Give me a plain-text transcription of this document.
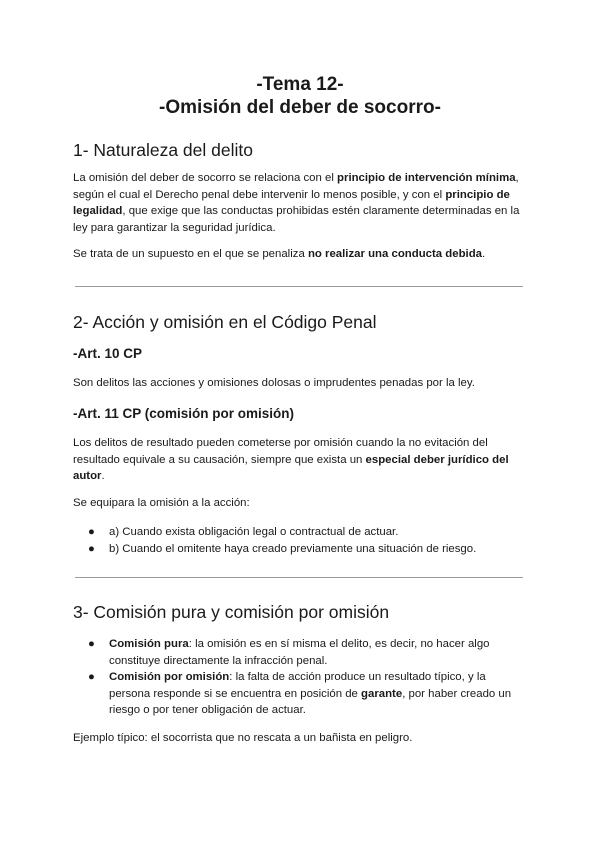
-Tema 12-
-Omisión del deber de socorro-
1- Naturaleza del delito

La omisión del deber de socorro se relaciona con el principio de intervención mínima, según el cual el Derecho penal debe intervenir lo menos posible, y con el principio de legalidad, que exige que las conductas prohibidas estén claramente determinadas en la ley para garantizar la seguridad jurídica.

Se trata de un supuesto en el que se penaliza no realizar una conducta debida.

2- Acción y omisión en el Código Penal
-Art. 10 CP

Son delitos las acciones y omisiones dolosas o imprudentes penadas por la ley.

-Art. 11 CP (comisión por omisión)

Los delitos de resultado pueden cometerse por omisión cuando la no evitación del resultado equivale a su causación, siempre que exista un especial deber jurídico del autor.

Se equipara la omisión a la acción:

● a) Cuando exista obligación legal o contractual de actuar.
● b) Cuando el omitente haya creado previamente una situación de riesgo.
3- Comisión pura y comisión por omisión
● Comisión pura: la omisión es en sí misma el delito, es decir, no hacer algo constituye directamente la infracción penal.
● Comisión por omisión: la falta de acción produce un resultado típico, y la persona responde si se encuentra en posición de garante, por haber creado un riesgo o por tener obligación de actuar.

Ejemplo típico: el socorrista que no rescata a un bañista en peligro.
